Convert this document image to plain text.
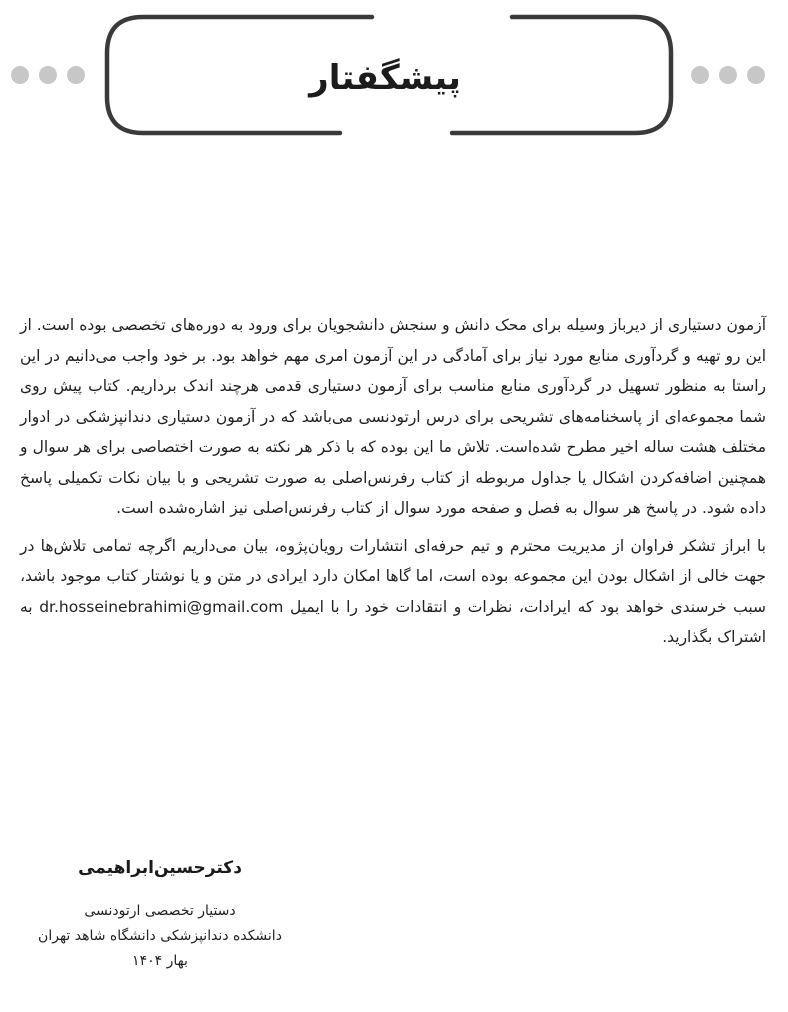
پیشگفتار

آزمون دستیاری از دیرباز وسیله برای محک دانش و سنجش دانشجویان برای ورود به دوره‌های تخصصی بوده است. از این رو تهیه و گردآوری منابع مورد نیاز برای آمادگی در این آزمون امری مهم خواهد بود. بر خود واجب می‌دانیم در این راستا به منظور تسهیل در گردآوری منابع مناسب برای آزمون دستیاری قدمی هرچند اندک برداریم. کتاب پیش روی شما مجموعه‌ای از پاسخنامه‌های تشریحی برای درس ارتودنسی می‌باشد که در آزمون دستیاری دندانپزشکی در ادوار مختلف هشت ساله اخیر مطرح شده‌است. تلاش ما این بوده که با ذکر هر نکته به صورت اختصاصی برای هر سوال و همچنین اضافه‌کردن اشکال یا جداول مربوطه از کتاب رفرنس‌اصلی به صورت تشریحی و با بیان نکات تکمیلی پاسخ داده شود. در پاسخ هر سوال به فصل و صفحه مورد سوال از کتاب رفرنس‌اصلی نیز اشاره‌شده است.

با ابراز تشکر فراوان از مدیریت محترم و تیم حرفه‌ای انتشارات رویان‌پژوه، بیان می‌داریم اگرچه تمامی تلاش‌ها در جهت خالی از اشکال بودن این مجموعه بوده است، اما گاها امکان دارد ایرادی در متن و یا نوشتار کتاب موجود باشد، سبب خرسندی خواهد بود که ایرادات، نظرات و انتقادات خود را با ایمیل dr.hosseinebrahimi@gmail.com به اشتراک بگذارید.

دکترحسین‌ابراهیمی
دستیار تخصصی ارتودنسی
دانشکده دندانپزشکی دانشگاه شاهد تهران
بهار ۱۴۰۴
